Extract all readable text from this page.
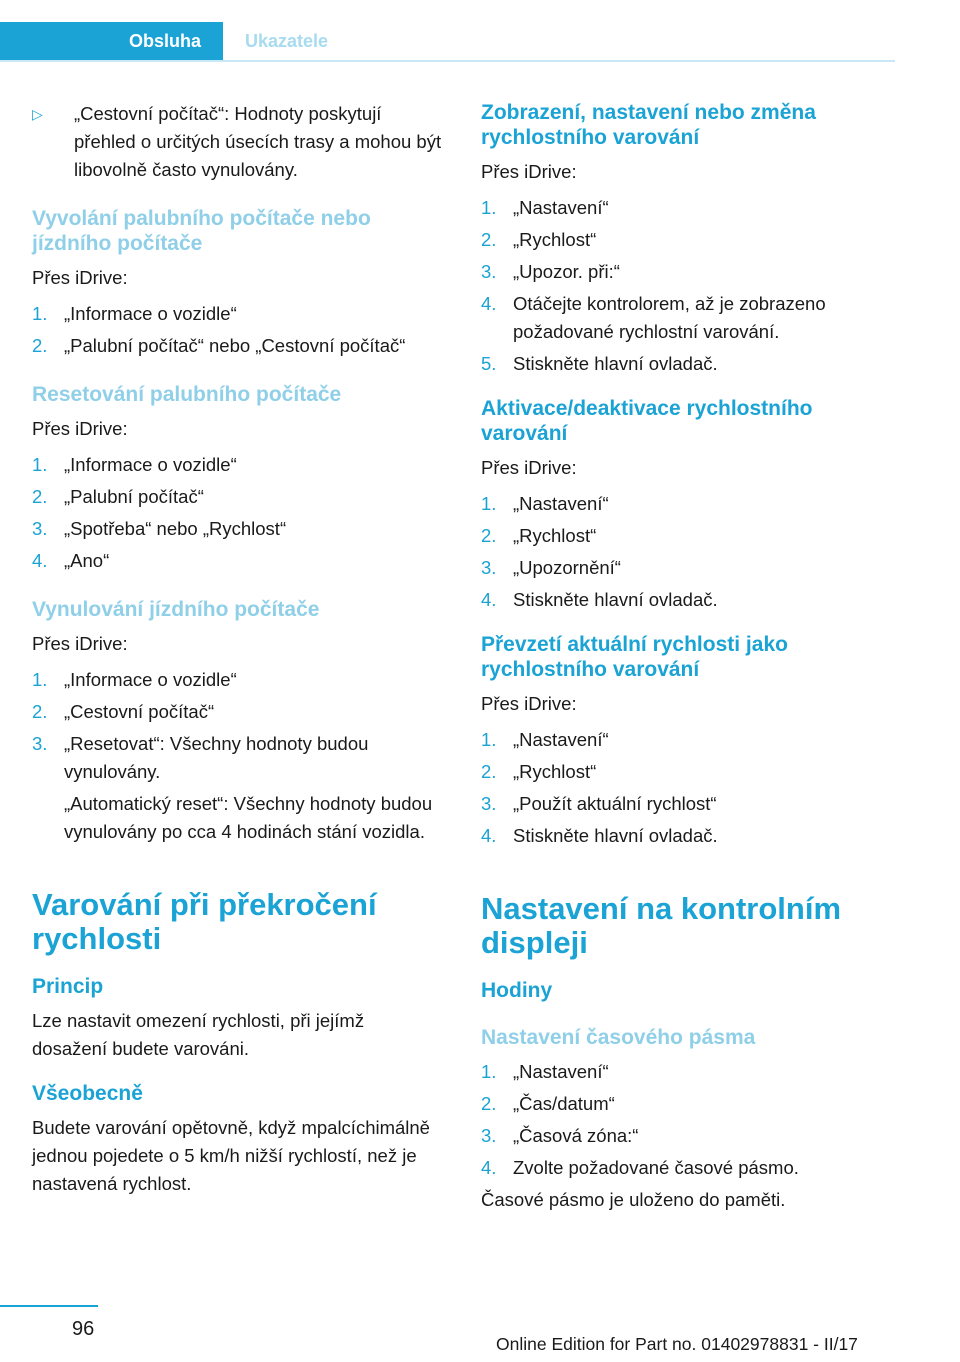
Obsluha	Ukazatele

▷ „Cestovní počítač“: Hodnoty poskytují přehled o určitých úsecích trasy a mohou být libovolně často vynulovány.

Vyvolání palubního počítače nebo jízdního počítače

Přes iDrive:

1. „Informace o vozidle“
2. „Palubní počítač“ nebo „Cestovní počítač“
Resetování palubního počítače

Přes iDrive:

1. „Informace o vozidle“
2. „Palubní počítač“
3. „Spotřeba“ nebo „Rychlost“
4. „Ano“
Vynulování jízdního počítače

Přes iDrive:

1. „Informace o vozidle“
2. „Cestovní počítač“
3. „Resetovat“: Všechny hodnoty budou vynulovány.

„Automatický reset“: Všechny hodnoty budou vynulovány po cca 4 hodinách stání vozidla.

Varování při překročení rychlosti
Princip

Lze nastavit omezení rychlosti, při jejímž dosažení budete varováni.

Všeobecně

Budete varování opětovně, když mpalcíchimálně jednou pojedete o 5 km/h nižší rychlostí, než je nastavená rychlost.

Zobrazení, nastavení nebo změna rychlostního varování

Přes iDrive:

1. „Nastavení“
2. „Rychlost“
3. „Upozor. při:“
4. Otáčejte kontrolorem, až je zobrazeno požadované rychlostní varování.
5. Stiskněte hlavní ovladač.
Aktivace/deaktivace rychlostního varování

Přes iDrive:

1. „Nastavení“
2. „Rychlost“
3. „Upozornění“
4. Stiskněte hlavní ovladač.
Převzetí aktuální rychlosti jako rychlostního varování

Přes iDrive:

1. „Nastavení“
2. „Rychlost“
3. „Použít aktuální rychlost“
4. Stiskněte hlavní ovladač.
Nastavení na kontrolním displeji
Hodiny
Nastavení časového pásma
1. „Nastavení“
2. „Čas/datum“
3. „Časová zóna:“
4. Zvolte požadované časové pásmo.

Časové pásmo je uloženo do paměti.

96
Online Edition for Part no. 01402978831 - II/17
